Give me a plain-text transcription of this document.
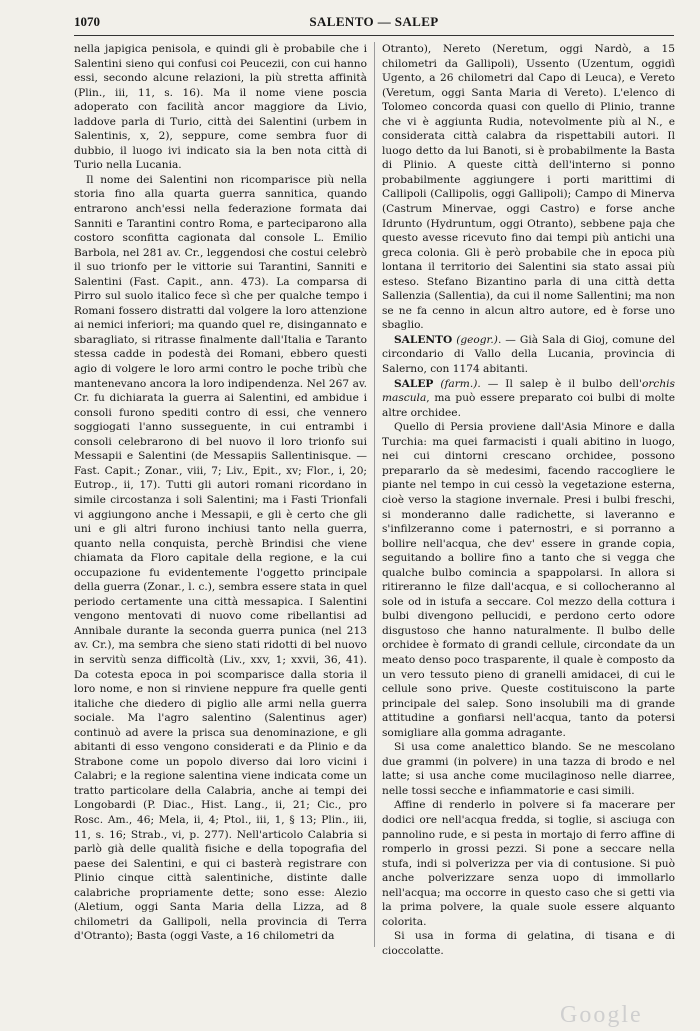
1070	SALENTO — SALEP

nella japigica penisola, e quindi gli è probabile che i Salentini sieno qui confusi coi Peucezii, con cui hanno essi, secondo alcune relazioni, la più stretta affinità (Plin., iii, 11, s. 16). Ma il nome viene poscia adoperato con facilità ancor maggiore da Livio, laddove parla di Turio, città dei Salentini (urbem in Salentinis, x, 2), seppure, come sembra fuor di dubbio, il luogo ivi indicato sia la ben nota città di Turio nella Lucania.

Il nome dei Salentini non ricomparisce più nella storia fino alla quarta guerra sannitica, quando entrarono anch'essi nella federazione formata dai Sanniti e Tarantini contro Roma, e parteciparono alla costoro sconfitta cagionata dal console L. Emilio Barbola, nel 281 av. Cr., leggendosi che costui celebrò il suo trionfo per le vittorie sui Tarantini, Sanniti e Salentini (Fast. Capit., ann. 473). La comparsa di Pirro sul suolo italico fece sì che per qualche tempo i Romani fossero distratti dal volgere la loro attenzione ai nemici inferiori; ma quando quel re, disingannato e sbaragliato, si ritrasse finalmente dall'Italia e Taranto stessa cadde in podestà dei Romani, ebbero questi agio di volgere le loro armi contro le poche tribù che mantenevano ancora la loro indipendenza. Nel 267 av. Cr. fu dichiarata la guerra ai Salentini, ed ambidue i consoli furono spediti contro di essi, che vennero soggiogati l'anno susseguente, in cui entrambi i consoli celebrarono di bel nuovo il loro trionfo sui Messapii e Salentini (de Messapiis Sallentinisque. — Fast. Capit.; Zonar., viii, 7; Liv., Epit., xv; Flor., i, 20; Eutrop., ii, 17). Tutti gli autori romani ricordano in simile circostanza i soli Salentini; ma i Fasti Trionfali vi aggiungono anche i Messapii, e gli è certo che gli uni e gli altri furono inchiusi tanto nella guerra, quanto nella conquista, perchè Brindisi che viene chiamata da Floro capitale della regione, e la cui occupazione fu evidentemente l'oggetto principale della guerra (Zonar., l. c.), sembra essere stata in quel periodo certamente una città messapica. I Salentini vengono mentovati di nuovo come ribellantisi ad Annibale durante la seconda guerra punica (nel 213 av. Cr.), ma sembra che sieno stati ridotti di bel nuovo in servitù senza difficoltà (Liv., xxv, 1; xxvii, 36, 41). Da cotesta epoca in poi scomparisce dalla storia il loro nome, e non si rinviene neppure fra quelle genti italiche che diedero di piglio alle armi nella guerra sociale. Ma l'agro salentino (Salentinus ager) continuò ad avere la prisca sua denominazione, e gli abitanti di esso vengono considerati e da Plinio e da Strabone come un popolo diverso dai loro vicini i Calabri; e la regione salentina viene indicata come un tratto particolare della Calabria, anche ai tempi dei Longobardi (P. Diac., Hist. Lang., ii, 21; Cic., pro Rosc. Am., 46; Mela, ii, 4; Ptol., iii, 1, § 13; Plin., iii, 11, s. 16; Strab., vi, p. 277). Nell'articolo Calabria si parlò già delle qualità fisiche e della topografia del paese dei Salentini, e qui ci basterà registrare con Plinio cinque città salentiniche, distinte dalle calabriche propriamente dette; sono esse: Alezio (Aletium, oggi Santa Maria della Lizza, ad 8 chilometri da Gallipoli, nella provincia di Terra d'Otranto); Basta (oggi Vaste, a 16 chilometri da

Otranto), Nereto (Neretum, oggi Nardò, a 15 chilometri da Gallipoli), Ussento (Uzentum, oggidì Ugento, a 26 chilometri dal Capo di Leuca), e Vereto (Veretum, oggi Santa Maria di Vereto). L'elenco di Tolomeo concorda quasi con quello di Plinio, tranne che vi è aggiunta Rudia, notevolmente più al N., e considerata città calabra da rispettabili autori. Il luogo detto da lui Banoti, si è probabilmente la Basta di Plinio. A queste città dell'interno si ponno probabilmente aggiungere i porti marittimi di Callipoli (Callipolis, oggi Gallipoli); Campo di Minerva (Castrum Minervae, oggi Castro) e forse anche Idrunto (Hydruntum, oggi Otranto), sebbene paja che questo avesse ricevuto fino dai tempi più antichi una greca colonia. Gli è però probabile che in epoca più lontana il territorio dei Salentini sia stato assai più esteso. Stefano Bizantino parla di una città detta Sallenzia (Sallentia), da cui il nome Sallentini; ma non se ne fa cenno in alcun altro autore, ed è forse uno sbaglio.

SALENTO (geogr.). — Già Sala di Gioj, comune del circondario di Vallo della Lucania, provincia di Salerno, con 1174 abitanti.

SALEP (farm.). — Il salep è il bulbo dell'orchis mascula, ma può essere preparato coi bulbi di molte altre orchidee.

Quello di Persia proviene dall'Asia Minore e dalla Turchia: ma quei farmacisti i quali abitino in luogo, nei cui dintorni crescano orchidee, possono prepararlo da sè medesimi, facendo raccogliere le piante nel tempo in cui cessò la vegetazione esterna, cioè verso la stagione invernale. Presi i bulbi freschi, si monderanno dalle radichette, si laveranno e s'infilzeranno come i paternostri, e si porranno a bollire nell'acqua, che dev' essere in grande copia, seguitando a bollire fino a tanto che si vegga che qualche bulbo comincia a spappolarsi. In allora si ritireranno le filze dall'acqua, e si collocheranno al sole od in istufa a seccare. Col mezzo della cottura i bulbi divengono pellucidi, e perdono certo odore disgustoso che hanno naturalmente. Il bulbo delle orchidee è formato di grandi cellule, circondate da un meato denso poco trasparente, il quale è composto da un vero tessuto pieno di granelli amidacei, di cui le cellule sono prive. Queste costituiscono la parte principale del salep. Sono insolubili ma di grande attitudine a gonfiarsi nell'acqua, tanto da potersi somigliare alla gomma adragante.

Si usa come analettico blando. Se ne mescolano due grammi (in polvere) in una tazza di brodo e nel latte; si usa anche come mucilaginoso nelle diarree, nelle tossi secche e infiammatorie e casi simili.

Affine di renderlo in polvere si fa macerare per dodici ore nell'acqua fredda, si toglie, si asciuga con pannolino rude, e si pesta in mortajo di ferro affine di romperlo in grossi pezzi. Si pone a seccare nella stufa, indi si polverizza per via di contusione. Si può anche polverizzare senza uopo di immollarlo nell'acqua; ma occorre in questo caso che si getti via la prima polvere, la quale suole essere alquanto colorita.

Si usa in forma di gelatina, di tisana e di cioccolatte.

Google
